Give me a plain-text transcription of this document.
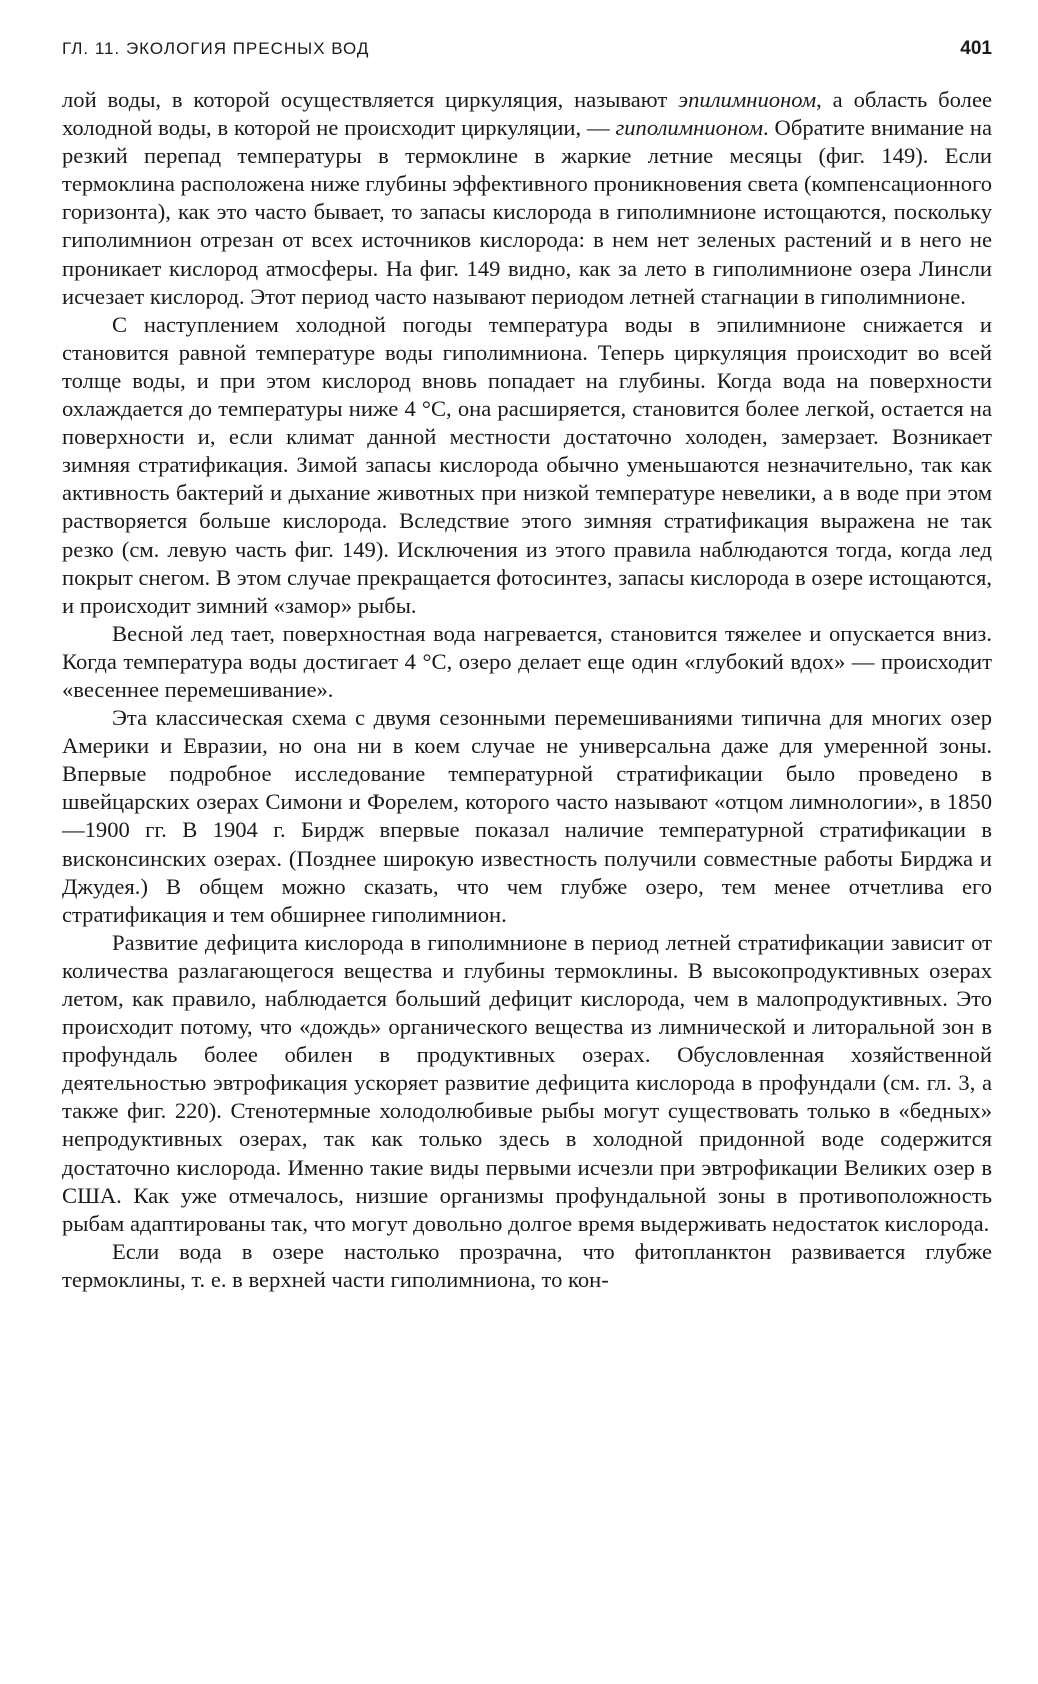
ГЛ. 11. ЭКОЛОГИЯ ПРЕСНЫХ ВОД	401

лой воды, в которой осуществляется циркуляция, называют эпилимнионом, а область более холодной воды, в которой не происходит циркуляции, — гиполимнионом. Обратите внимание на резкий перепад температуры в термоклине в жаркие летние месяцы (фиг. 149). Если термоклина расположена ниже глубины эффективного проникновения света (компенсационного горизонта), как это часто бывает, то запасы кислорода в гиполимнионе истощаются, поскольку гиполимнион отрезан от всех источников кислорода: в нем нет зеленых растений и в него не проникает кислород атмосферы. На фиг. 149 видно, как за лето в гиполимнионе озера Линсли исчезает кислород. Этот период часто называют периодом летней стагнации в гиполимнионе.

С наступлением холодной погоды температура воды в эпилимнионе снижается и становится равной температуре воды гиполимниона. Теперь циркуляция происходит во всей толще воды, и при этом кислород вновь попадает на глубины. Когда вода на поверхности охлаждается до температуры ниже 4 °С, она расширяется, становится более легкой, остается на поверхности и, если климат данной местности достаточно холоден, замерзает. Возникает зимняя стратификация. Зимой запасы кислорода обычно уменьшаются незначительно, так как активность бактерий и дыхание животных при низкой температуре невелики, а в воде при этом растворяется больше кислорода. Вследствие этого зимняя стратификация выражена не так резко (см. левую часть фиг. 149). Исключения из этого правила наблюдаются тогда, когда лед покрыт снегом. В этом случае прекращается фотосинтез, запасы кислорода в озере истощаются, и происходит зимний «замор» рыбы.

Весной лед тает, поверхностная вода нагревается, становится тяжелее и опускается вниз. Когда температура воды достигает 4 °С, озеро делает еще один «глубокий вдох» — происходит «весеннее перемешивание».

Эта классическая схема с двумя сезонными перемешиваниями типична для многих озер Америки и Евразии, но она ни в коем случае не универсальна даже для умеренной зоны. Впервые подробное исследование температурной стратификации было проведено в швейцарских озерах Симони и Форелем, которого часто называют «отцом лимнологии», в 1850—1900 гг. В 1904 г. Бирдж впервые показал наличие температурной стратификации в висконсинских озерах. (Позднее широкую известность получили совместные работы Бирджа и Джудея.) В общем можно сказать, что чем глубже озеро, тем менее отчетлива его стратификация и тем обширнее гиполимнион.

Развитие дефицита кислорода в гиполимнионе в период летней стратификации зависит от количества разлагающегося вещества и глубины термоклины. В высокопродуктивных озерах летом, как правило, наблюдается больший дефицит кислорода, чем в малопродуктивных. Это происходит потому, что «дождь» органического вещества из лимнической и литоральной зон в профундаль более обилен в продуктивных озерах. Обусловленная хозяйственной деятельностью эвтрофикация ускоряет развитие дефицита кислорода в профундали (см. гл. 3, а также фиг. 220). Стенотермные холодолюбивые рыбы могут существовать только в «бедных» непродуктивных озерах, так как только здесь в холодной придонной воде содержится достаточно кислорода. Именно такие виды первыми исчезли при эвтрофикации Великих озер в США. Как уже отмечалось, низшие организмы профундальной зоны в противоположность рыбам адаптированы так, что могут довольно долгое время выдерживать недостаток кислорода.

Если вода в озере настолько прозрачна, что фитопланктон развивается глубже термоклины, т. е. в верхней части гиполимниона, то кон-
